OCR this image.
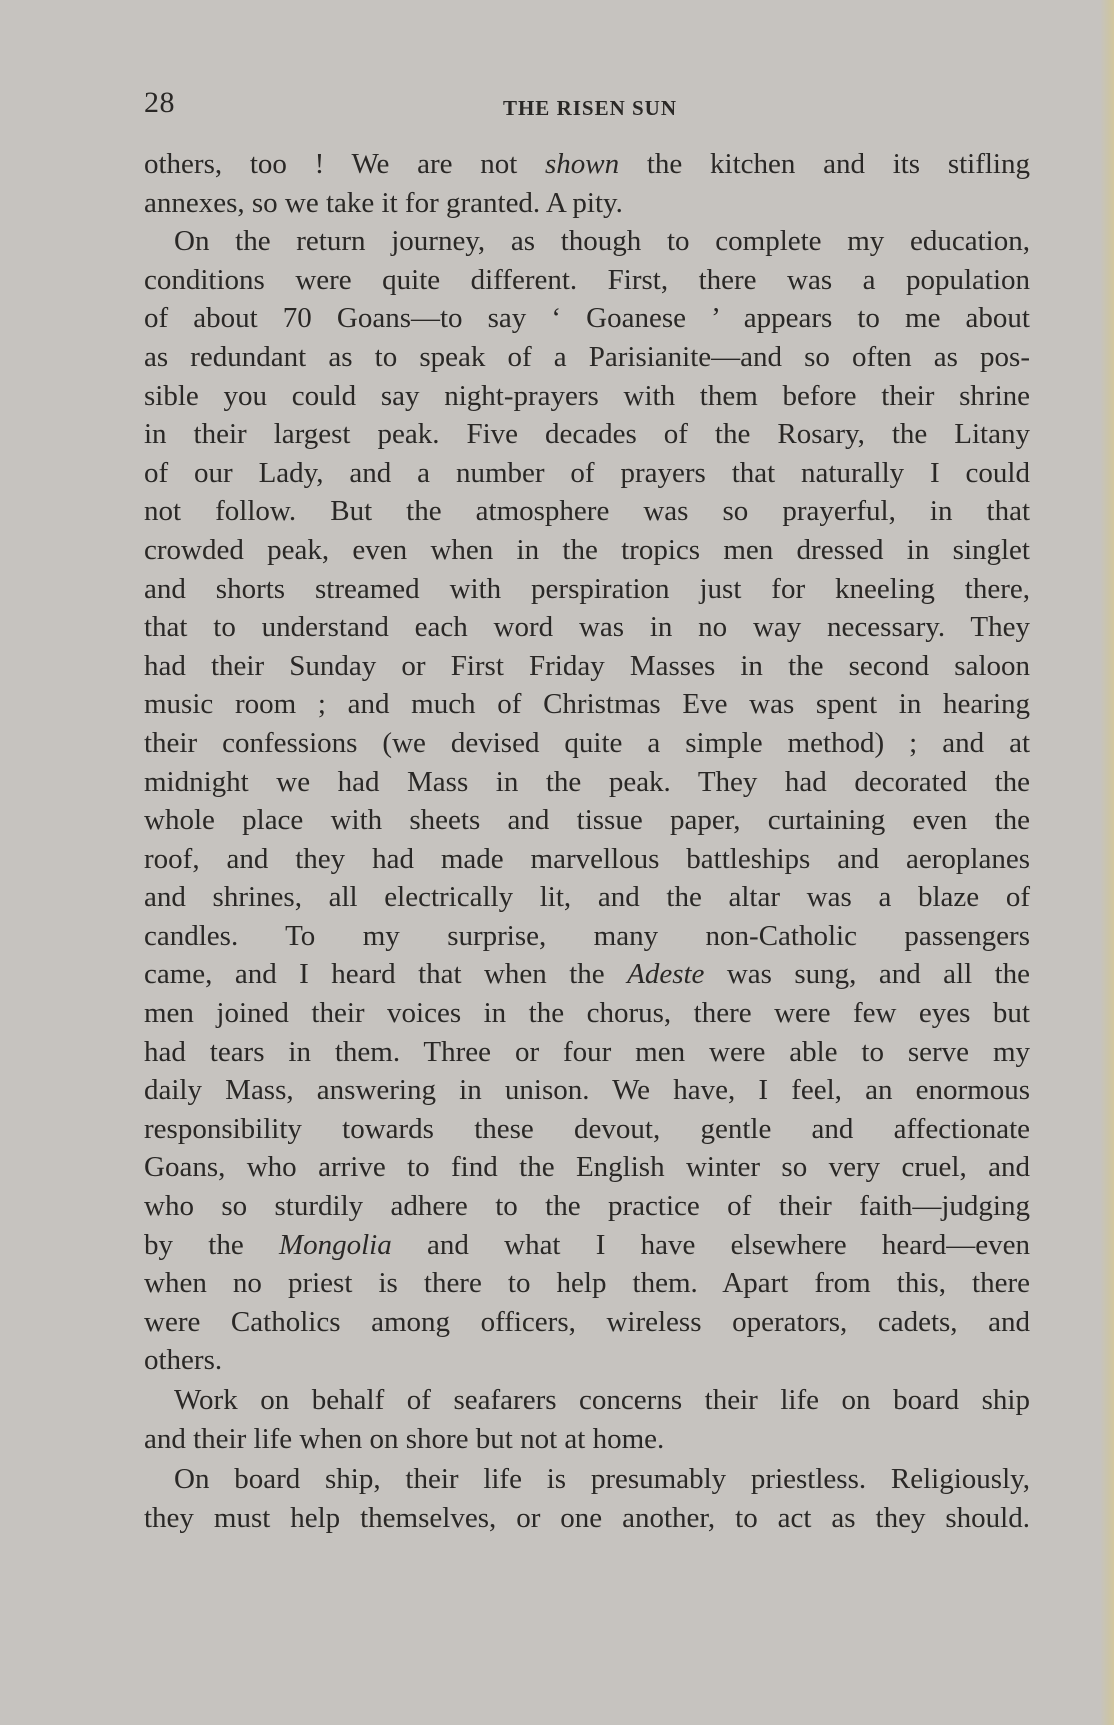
28	THE RISEN SUN
others, too ! We are not shown the kitchen and its stifling
annexes, so we take it for granted. A pity.
On the return journey, as though to complete my education,
conditions were quite different. First, there was a population
of about 70 Goans—to say ‘ Goanese ’ appears to me about
as redundant as to speak of a Parisianite—and so often as pos-
sible you could say night-prayers with them before their shrine
in their largest peak. Five decades of the Rosary, the Litany
of our Lady, and a number of prayers that naturally I could
not follow. But the atmosphere was so prayerful, in that
crowded peak, even when in the tropics men dressed in singlet
and shorts streamed with perspiration just for kneeling there,
that to understand each word was in no way necessary. They
had their Sunday or First Friday Masses in the second saloon
music room ; and much of Christmas Eve was spent in hearing
their confessions (we devised quite a simple method) ; and at
midnight we had Mass in the peak. They had decorated the
whole place with sheets and tissue paper, curtaining even the
roof, and they had made marvellous battleships and aeroplanes
and shrines, all electrically lit, and the altar was a blaze of
candles. To my surprise, many non-Catholic passengers
came, and I heard that when the Adeste was sung, and all the
men joined their voices in the chorus, there were few eyes but
had tears in them. Three or four men were able to serve my
daily Mass, answering in unison. We have, I feel, an enormous
responsibility towards these devout, gentle and affectionate
Goans, who arrive to find the English winter so very cruel, and
who so sturdily adhere to the practice of their faith—judging
by the Mongolia and what I have elsewhere heard—even
when no priest is there to help them. Apart from this, there
were Catholics among officers, wireless operators, cadets, and
others.
Work on behalf of seafarers concerns their life on board ship
and their life when on shore but not at home.
On board ship, their life is presumably priestless. Religiously,
they must help themselves, or one another, to act as they should.
